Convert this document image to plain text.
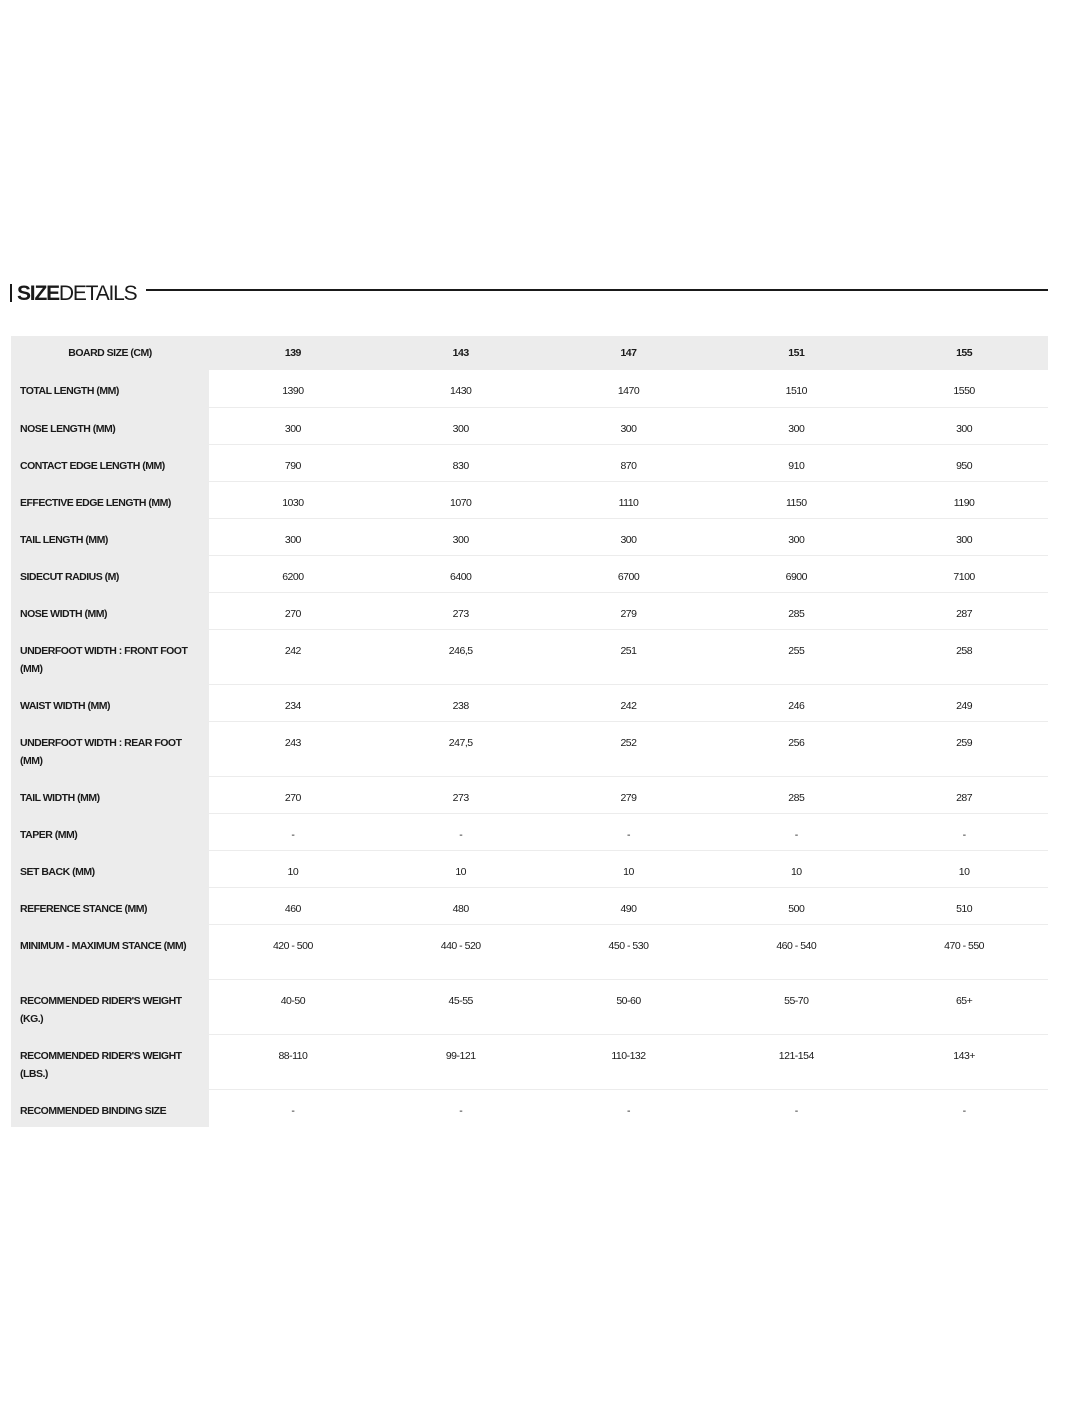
SIZEDETAILS
BOARD SIZE (CM)	139	143	147	151	155
TOTAL LENGTH (MM)	1390	1430	1470	1510	1550
NOSE LENGTH (MM)	300	300	300	300	300
CONTACT EDGE LENGTH (MM)	790	830	870	910	950
EFFECTIVE EDGE LENGTH (MM)	1030	1070	1110	1150	1190
TAIL LENGTH (MM)	300	300	300	300	300
SIDECUT RADIUS (M)	6200	6400	6700	6900	7100
NOSE WIDTH (MM)	270	273	279	285	287
UNDERFOOT WIDTH : FRONT FOOT (MM)	242	246,5	251	255	258
WAIST WIDTH (MM)	234	238	242	246	249
UNDERFOOT WIDTH : REAR FOOT (MM)	243	247,5	252	256	259
TAIL WIDTH (MM)	270	273	279	285	287
TAPER (MM)	-	-	-	-	-
SET BACK (MM)	10	10	10	10	10
REFERENCE STANCE (MM)	460	480	490	500	510
MINIMUM - MAXIMUM STANCE (MM)	420 - 500	440 - 520	450 - 530	460 - 540	470 - 550
RECOMMENDED RIDER'S WEIGHT (KG.)	40-50	45-55	50-60	55-70	65+
RECOMMENDED RIDER'S WEIGHT (LBS.)	88-110	99-121	110-132	121-154	143+
RECOMMENDED BINDING SIZE	-	-	-	-	-
